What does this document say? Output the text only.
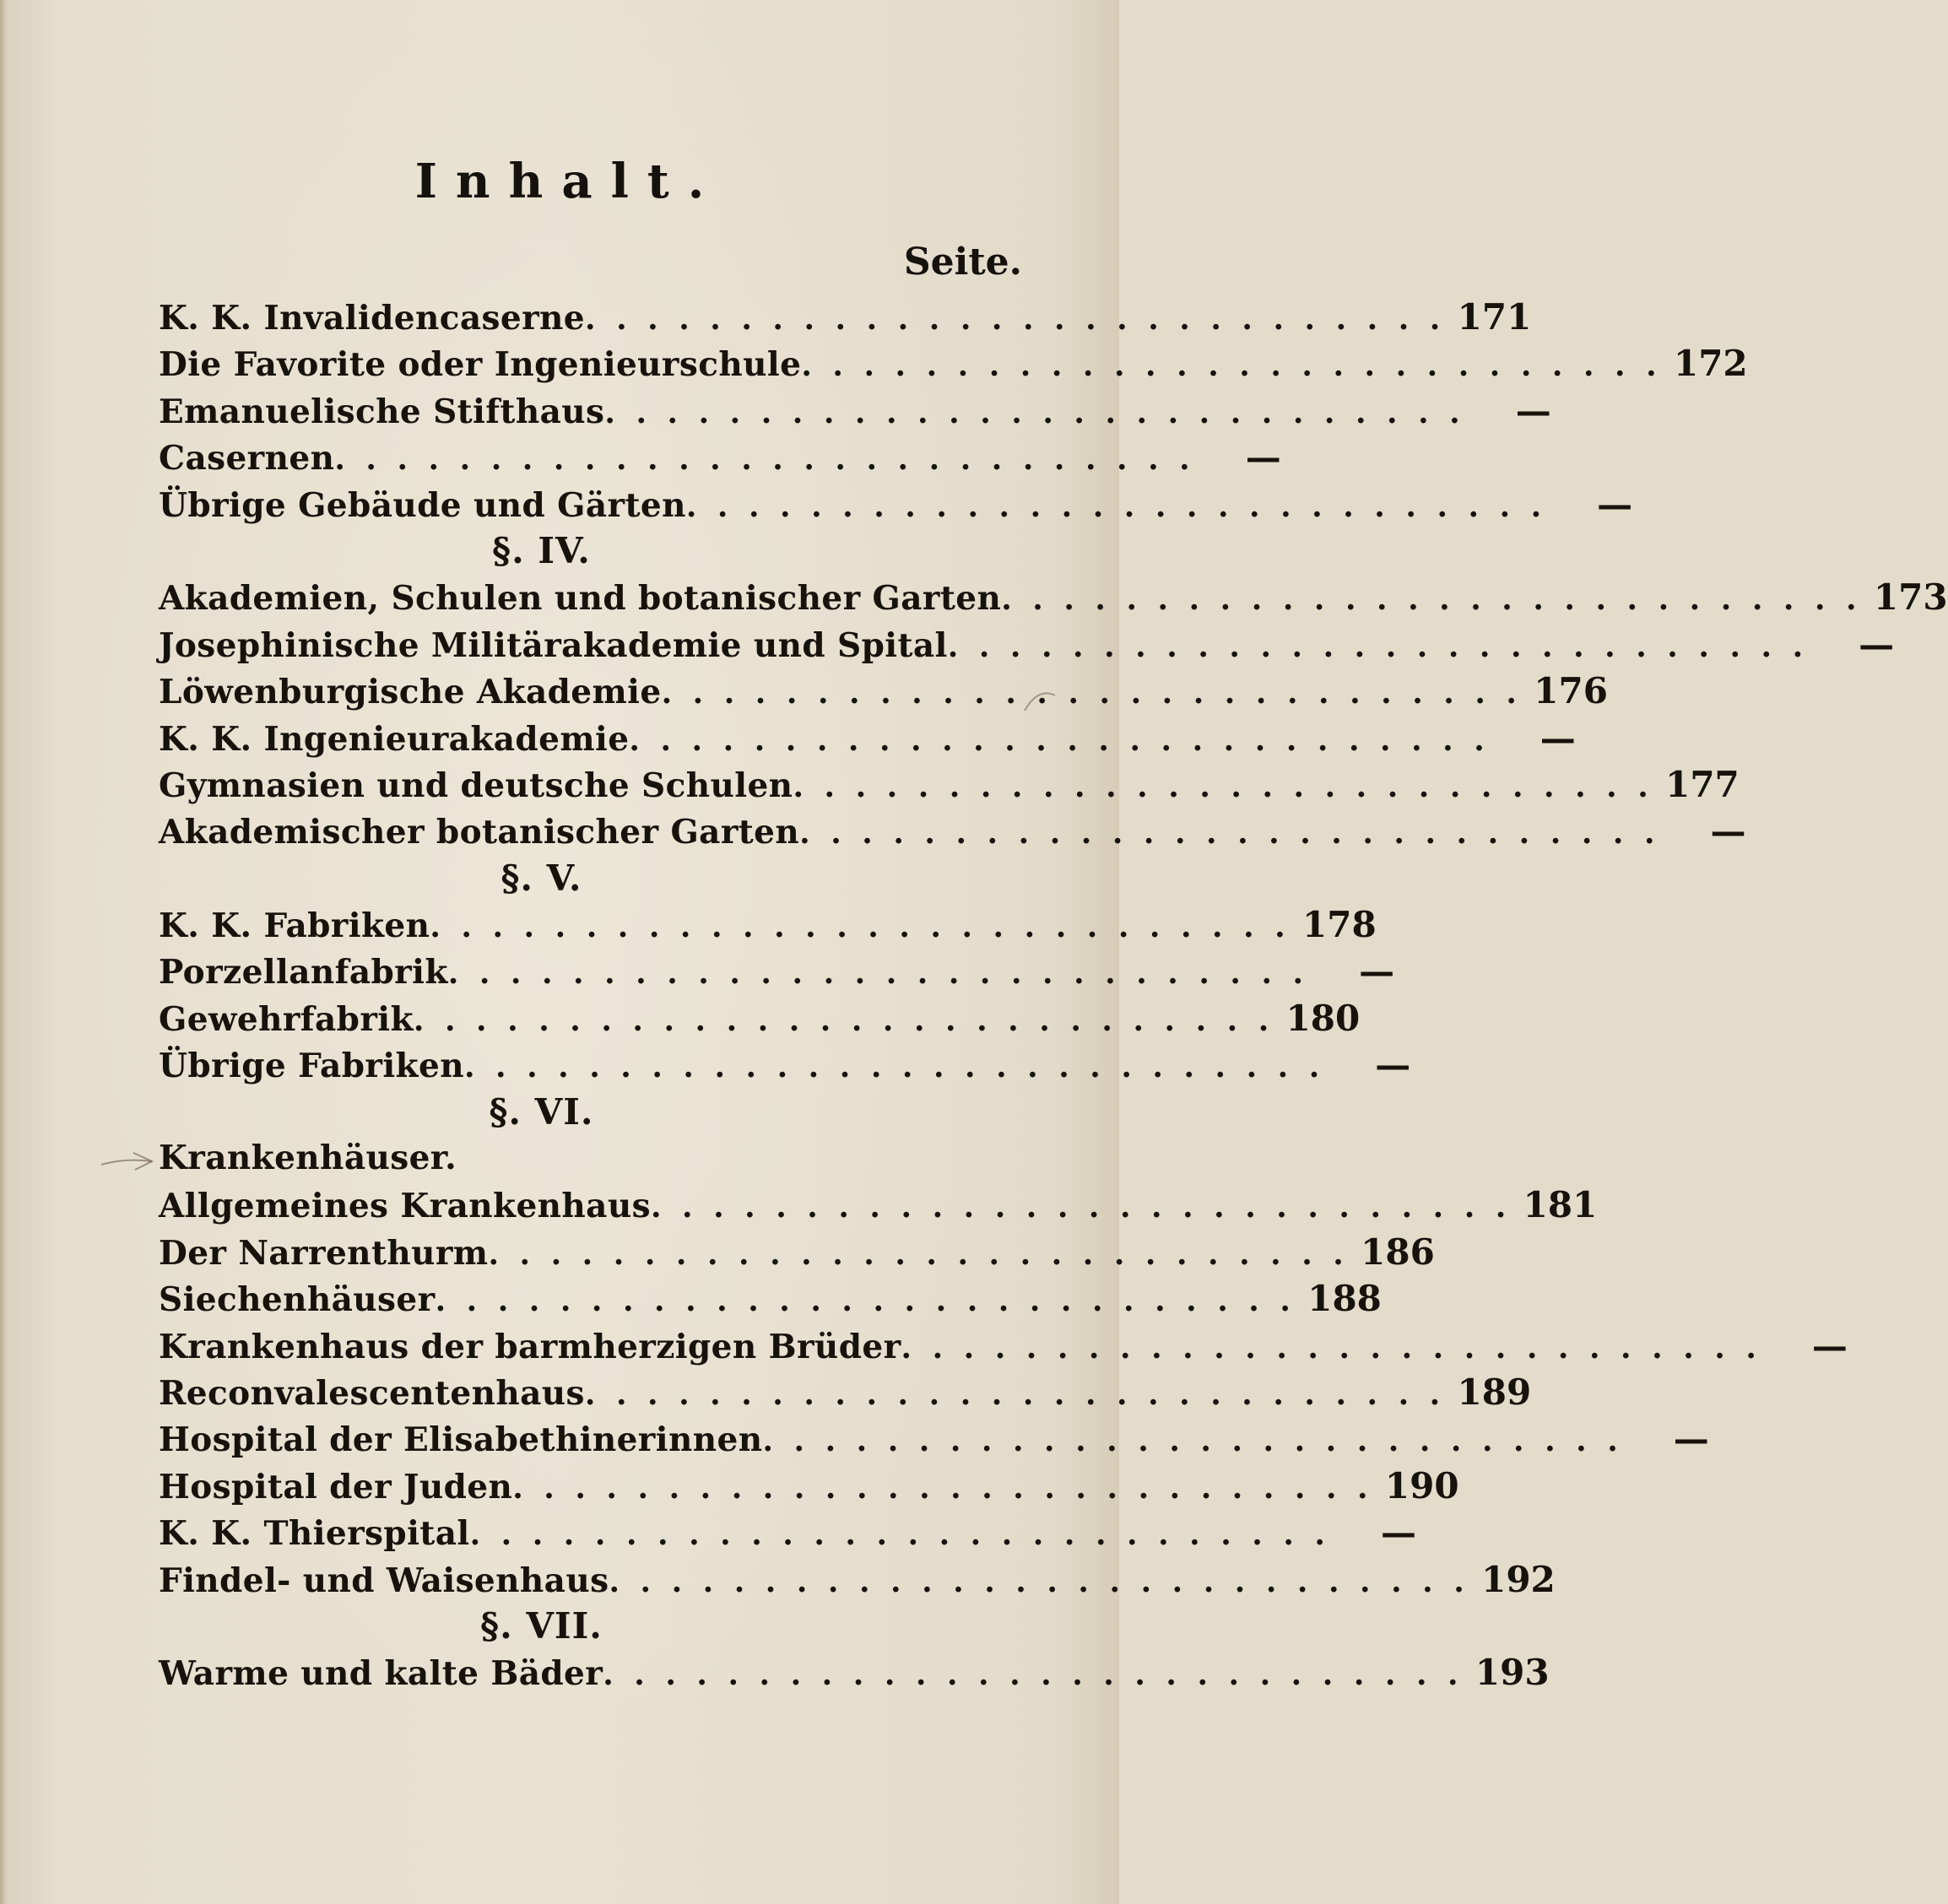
Inhalt.
Seite.
K. K. Invalidencaserne . . . . . . . . . . . . . . . . . . . . . . . . . . . . 171
Die Favorite oder Ingenieurschule . . . . . . . . . . . . . . . . . . . . . . . . . . . . 172
Emanuelische Stifthaus . . . . . . . . . . . . . . . . . . . . . . . . . . . .	—
Casernen . . . . . . . . . . . . . . . . . . . . . . . . . . . .	—
Übrige Gebäude und Gärten . . . . . . . . . . . . . . . . . . . . . . . . . . . .	—
§. IV.
Akademien, Schulen und botanischer Garten . . . . . . . . . . . . . . . . . . . . . . . . . . . . 173
Josephinische Militärakademie und Spital . . . . . . . . . . . . . . . . . . . . . . . . . . . .	—
Löwenburgische Akademie . . . . . . . . . . . . . . . . . . . . . . . . . . . . 176
K. K. Ingenieurakademie . . . . . . . . . . . . . . . . . . . . . . . . . . . .	—
Gymnasien und deutsche Schulen . . . . . . . . . . . . . . . . . . . . . . . . . . . . 177
Akademischer botanischer Garten . . . . . . . . . . . . . . . . . . . . . . . . . . . .	—
§. V.
K. K. Fabriken . . . . . . . . . . . . . . . . . . . . . . . . . . . . 178
Porzellanfabrik . . . . . . . . . . . . . . . . . . . . . . . . . . . .	—
Gewehrfabrik . . . . . . . . . . . . . . . . . . . . . . . . . . . . 180
Übrige Fabriken . . . . . . . . . . . . . . . . . . . . . . . . . . . .	—
§. VI.
Krankenhäuser.
Allgemeines Krankenhaus . . . . . . . . . . . . . . . . . . . . . . . . . . . . 181
Der Narrenthurm . . . . . . . . . . . . . . . . . . . . . . . . . . . . 186
Siechenhäuser . . . . . . . . . . . . . . . . . . . . . . . . . . . . 188
Krankenhaus der barmherzigen Brüder . . . . . . . . . . . . . . . . . . . . . . . . . . . .	—
Reconvalescentenhaus . . . . . . . . . . . . . . . . . . . . . . . . . . . . 189
Hospital der Elisabethinerinnen . . . . . . . . . . . . . . . . . . . . . . . . . . . .	—
Hospital der Juden . . . . . . . . . . . . . . . . . . . . . . . . . . . . 190
K. K. Thierspital . . . . . . . . . . . . . . . . . . . . . . . . . . . .	—
Findel- und Waisenhaus . . . . . . . . . . . . . . . . . . . . . . . . . . . . 192
§. VII.
Warme und kalte Bäder . . . . . . . . . . . . . . . . . . . . . . . . . . . . 193
